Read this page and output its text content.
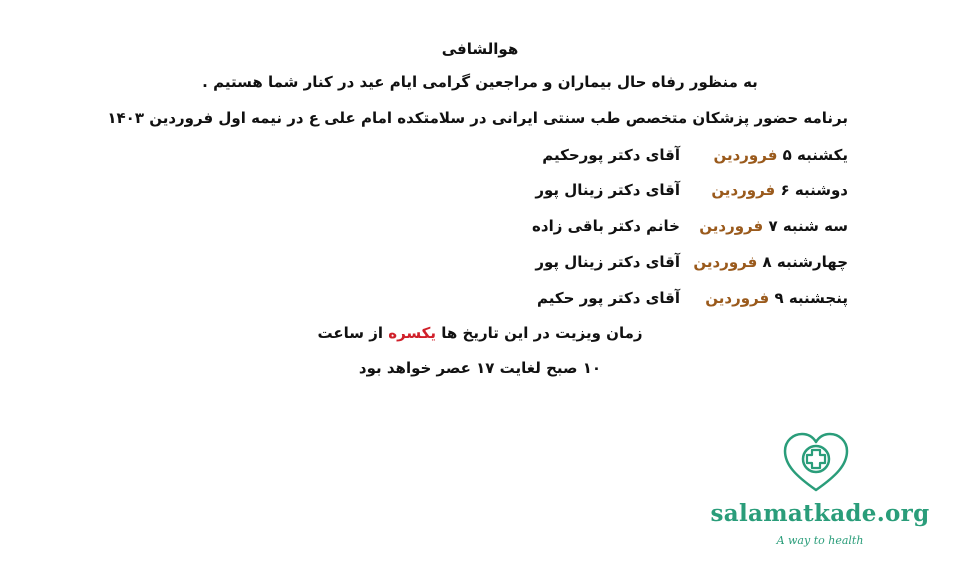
هوالشافی
به منظور رفاه حال بیماران و مراجعین گرامی ایام عید در کنار شما هستیم .
برنامه حضور پزشکان متخصص طب سنتی ایرانی در سلامتکده امام علی ع در نیمه اول فروردین ۱۴۰۳
یکشنبه ۵ فروردین
آقای دکتر پورحکیم
دوشنبه ۶ فروردین
آقای دکتر زینال پور
سه شنبه ۷ فروردین
خانم دکتر باقی زاده
چهارشنبه ۸ فروردین
آقای دکتر زینال پور
پنجشنبه ۹ فروردین
آقای دکتر پور حکیم
زمان ویزیت در این تاریخ ها یکسره از ساعت
۱۰ صبح لغایت ۱۷ عصر خواهد بود
salamatkade.org
A way to health
